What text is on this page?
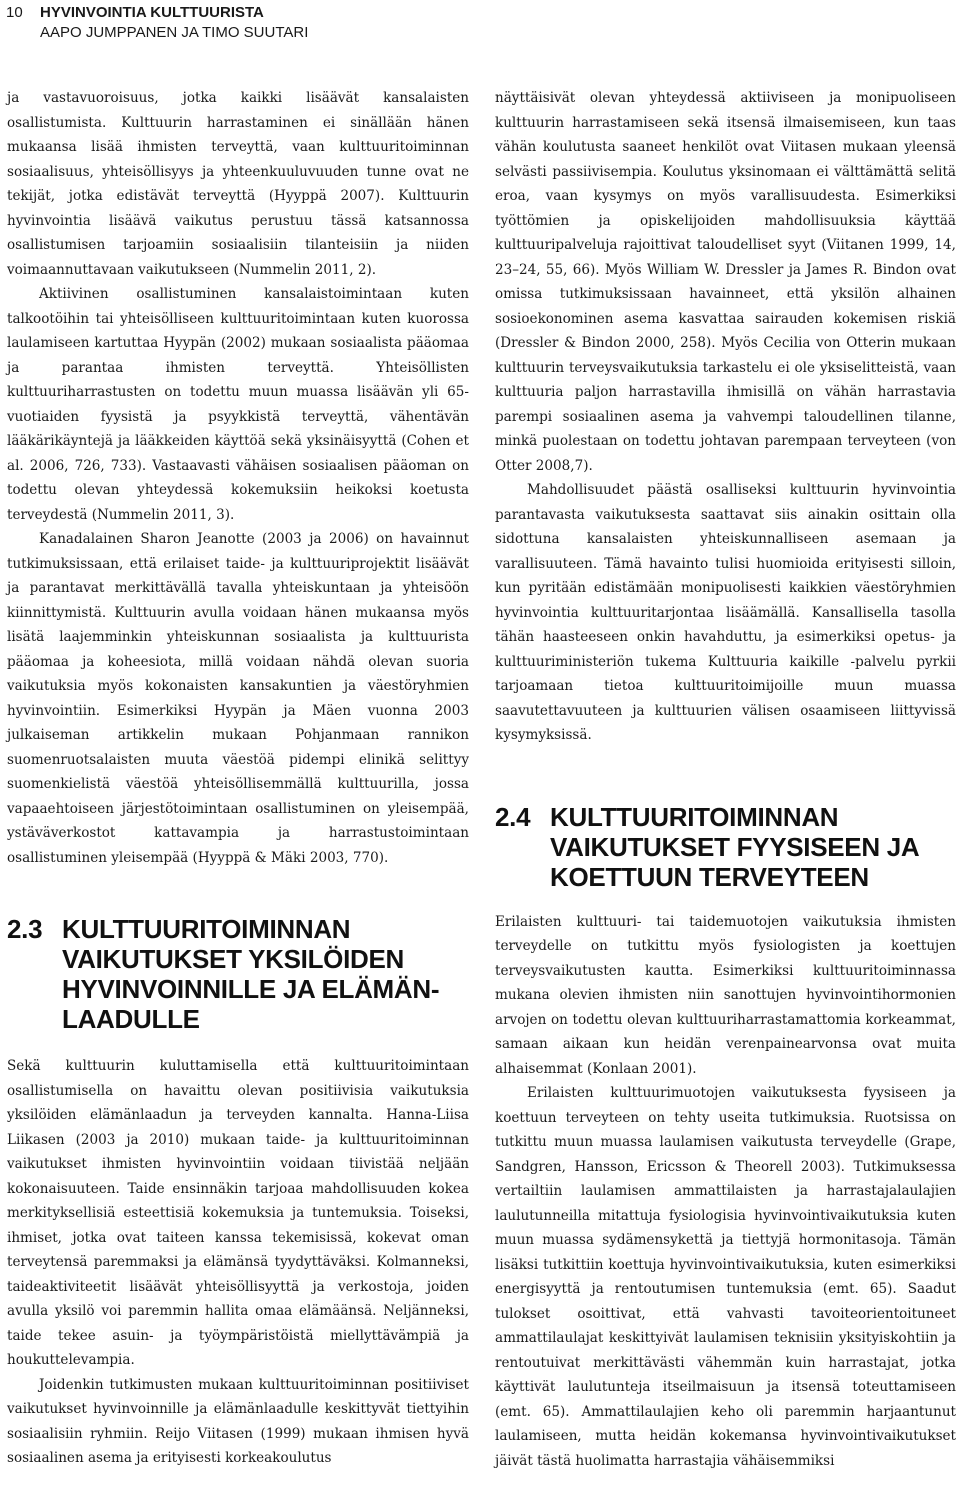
10 HYVINVOINTIA KULTTUURISTA
AAPO JUMPPANEN JA TIMO SUUTARI

ja vastavuoroisuus, jotka kaikki lisäävät kansalaisten osallistumista. Kulttuurin harrastaminen ei sinällään hänen mukaansa lisää ihmisten terveyttä, vaan kulttuuritoiminnan sosiaalisuus, yhteisöllisyys ja yhteenkuuluvuuden tunne ovat ne tekijät, jotka edistävät terveyttä (Hyyppä 2007). Kulttuurin hyvinvointia lisäävä vaikutus perustuu tässä katsannossa osallistumisen tarjoamiin sosiaalisiin tilanteisiin ja niiden voimaannuttavaan vaikutukseen (Nummelin 2011, 2).

Aktiivinen osallistuminen kansalaistoimintaan kuten talkootöihin tai yhteisölliseen kulttuuritoimintaan kuten kuorossa laulamiseen kartuttaa Hyypän (2002) mukaan sosiaalista pääomaa ja parantaa ihmisten terveyttä. Yhteisöllisten kulttuuriharrastusten on todettu muun muassa lisäävän yli 65-vuotiaiden fyysistä ja psyykkistä terveyttä, vähentävän lääkärikäyntejä ja lääkkeiden käyttöä sekä yksinäisyyttä (Cohen et al. 2006, 726, 733). Vastaavasti vähäisen sosiaalisen pääoman on todettu olevan yhteydessä kokemuksiin heikoksi koetusta terveydestä (Nummelin 2011, 3).

Kanadalainen Sharon Jeanotte (2003 ja 2006) on havainnut tutkimuksissaan, että erilaiset taide- ja kulttuuriprojektit lisäävät ja parantavat merkittävällä tavalla yhteiskuntaan ja yhteisöön kiinnittymistä. Kulttuurin avulla voidaan hänen mukaansa myös lisätä laajemminkin yhteiskunnan sosiaalista ja kulttuurista pääomaa ja koheesiota, millä voidaan nähdä olevan suoria vaikutuksia myös kokonaisten kansakuntien ja väestöryhmien hyvinvointiin. Esimerkiksi Hyypän ja Mäen vuonna 2003 julkaiseman artikkelin mukaan Pohjanmaan rannikon suomenruotsalaisten muuta väestöä pidempi elinikä selittyy suomenkielistä väestöä yhteisöllisemmällä kulttuurilla, jossa vapaaehtoiseen järjestötoimintaan osallistuminen on yleisempää, ystäväverkostot kattavampia ja harrastustoimintaan osallistuminen yleisempää (Hyyppä & Mäki 2003, 770).

2.3 KULTTUURITOIMINNAN VAIKUTUKSET YKSILÖIDEN HYVINVOINNILLE JA ELÄMÄNLAADULLE

Sekä kulttuurin kuluttamisella että kulttuuritoimintaan osallistumisella on havaittu olevan positiivisia vaikutuksia yksilöiden elämänlaadun ja terveyden kannalta. Hanna-Liisa Liikasen (2003 ja 2010) mukaan taide- ja kulttuuritoiminnan vaikutukset ihmisten hyvinvointiin voidaan tiivistää neljään kokonaisuuteen. Taide ensinnäkin tarjoaa mahdollisuuden kokea merkityksellisiä esteettisiä kokemuksia ja tuntemuksia. Toiseksi, ihmiset, jotka ovat taiteen kanssa tekemisissä, kokevat oman terveytensä paremmaksi ja elämänsä tyydyttäväksi. Kolmanneksi, taideaktiviteetit lisäävät yhteisöllisyyttä ja verkostoja, joiden avulla yksilö voi paremmin hallita omaa elämäänsä. Neljänneksi, taide tekee asuin- ja työympäristöistä miellyttävämpiä ja houkuttelevampia.

Joidenkin tutkimusten mukaan kulttuuritoiminnan positiiviset vaikutukset hyvinvoinnille ja elämänlaadulle keskittyvät tiettyihin sosiaalisiin ryhmiin. Reijo Viitasen (1999) mukaan ihmisen hyvä sosiaalinen asema ja erityisesti korkeakoulutus

näyttäisivät olevan yhteydessä aktiiviseen ja monipuoliseen kulttuurin harrastamiseen sekä itsensä ilmaisemiseen, kun taas vähän koulutusta saaneet henkilöt ovat Viitasen mukaan yleensä selvästi passiivisempia. Koulutus yksinomaan ei välttämättä selitä eroa, vaan kysymys on myös varallisuudesta. Esimerkiksi työttömien ja opiskelijoiden mahdollisuuksia käyttää kulttuuripalveluja rajoittivat taloudelliset syyt (Viitanen 1999, 14, 23–24, 55, 66). Myös William W. Dressler ja James R. Bindon ovat omissa tutkimuksissaan havainneet, että yksilön alhainen sosioekonominen asema kasvattaa sairauden kokemisen riskiä (Dressler & Bindon 2000, 258). Myös Cecilia von Otterin mukaan kulttuurin terveysvaikutuksia tarkastelu ei ole yksiselitteistä, vaan kulttuuria paljon harrastavilla ihmisillä on vähän harrastavia parempi sosiaalinen asema ja vahvempi taloudellinen tilanne, minkä puolestaan on todettu johtavan parempaan terveyteen (von Otter 2008,7).

Mahdollisuudet päästä osalliseksi kulttuurin hyvinvointia parantavasta vaikutuksesta saattavat siis ainakin osittain olla sidottuna kansalaisten yhteiskunnalliseen asemaan ja varallisuuteen. Tämä havainto tulisi huomioida erityisesti silloin, kun pyritään edistämään monipuolisesti kaikkien väestöryhmien hyvinvointia kulttuuritarjontaa lisäämällä. Kansallisella tasolla tähän haasteeseen onkin havahduttu, ja esimerkiksi opetus- ja kulttuuriministeriön tukema Kulttuuria kaikille -palvelu pyrkii tarjoamaan tietoa kulttuuritoimijoille muun muassa saavutettavuuteen ja kulttuurien välisen osaamiseen liittyvissä kysymyksissä.

2.4 KULTTUURITOIMINNAN VAIKUTUKSET FYYSISEEN JA KOETTUUN TERVEYTEEN

Erilaisten kulttuuri- tai taidemuotojen vaikutuksia ihmisten terveydelle on tutkittu myös fysiologisten ja koettujen terveysvaikutusten kautta. Esimerkiksi kulttuuritoiminnassa mukana olevien ihmisten niin sanottujen hyvinvointihormonien arvojen on todettu olevan kulttuuriharrastamattomia korkeammat, samaan aikaan kun heidän verenpainearvonsa ovat muita alhaisemmat (Konlaan 2001).

Erilaisten kulttuurimuotojen vaikutuksesta fyysiseen ja koettuun terveyteen on tehty useita tutkimuksia. Ruotsissa on tutkittu muun muassa laulamisen vaikutusta terveydelle (Grape, Sandgren, Hansson, Ericsson & Theorell 2003). Tutkimuksessa vertailtiin laulamisen ammattilaisten ja harrastajalaulajien laulutunneilla mitattuja fysiologisia hyvinvointivaikutuksia kuten muun muassa sydämensykettä ja tiettyjä hormonitasoja. Tämän lisäksi tutkittiin koettuja hyvinvointivaikutuksia, kuten esimerkiksi energisyyttä ja rentoutumisen tuntemuksia (emt. 65). Saadut tulokset osoittivat, että vahvasti tavoiteorientoituneet ammattilaulajat keskittyivät laulamisen teknisiin yksityiskohtiin ja rentoutuivat merkittävästi vähemmän kuin harrastajat, jotka käyttivät laulutunteja itseilmaisuun ja itsensä toteuttamiseen (emt. 65). Ammattilaulajien keho oli paremmin harjaantunut laulamiseen, mutta heidän kokemansa hyvinvointivaikutukset jäivät tästä huolimatta harrastajia vähäisemmiksi
